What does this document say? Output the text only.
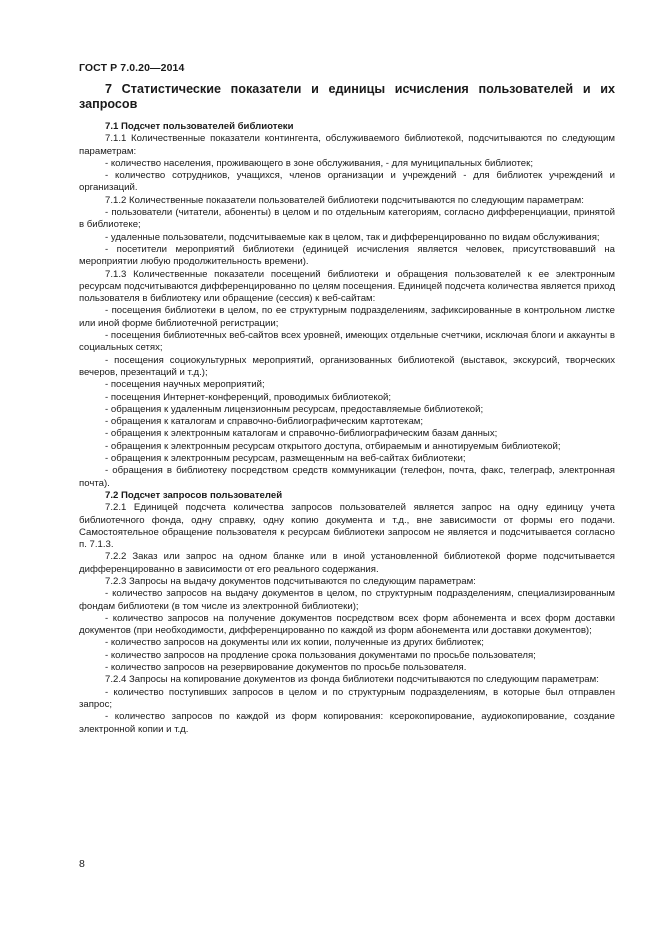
ГОСТ Р 7.0.20—2014

7 Статистические показатели и единицы исчисления пользователей и их запросов

7.1 Подсчет пользователей библиотеки

7.1.1 Количественные показатели контингента, обслуживаемого библиотекой, подсчитываются по следующим параметрам:

- количество населения, проживающего в зоне обслуживания, - для муниципальных библиотек;

- количество сотрудников, учащихся, членов организации и учреждений - для библиотек учреждений и организаций.

7.1.2 Количественные показатели пользователей библиотеки подсчитываются по следующим параметрам:

- пользователи (читатели, абоненты) в целом и по отдельным категориям, согласно дифференциации, принятой в библиотеке;

- удаленные пользователи, подсчитываемые как в целом, так и дифференцированно по видам обслуживания;

- посетители мероприятий библиотеки (единицей исчисления является человек, присутствовавший на мероприятии любую продолжительность времени).

7.1.3 Количественные показатели посещений библиотеки и обращения пользователей к ее электронным ресурсам подсчитываются дифференцированно по целям посещения. Единицей подсчета количества является приход пользователя в библиотеку или обращение (сессия) к веб-сайтам:

- посещения библиотеки в целом, по ее структурным подразделениям, зафиксированные в контрольном листке или иной форме библиотечной регистрации;

- посещения библиотечных веб-сайтов всех уровней, имеющих отдельные счетчики, исключая блоги и аккаунты в социальных сетях;

- посещения социокультурных мероприятий, организованных библиотекой (выставок, экскурсий, творческих вечеров, презентаций и т.д.);

- посещения научных мероприятий;

- посещения Интернет-конференций, проводимых библиотекой;

- обращения к удаленным лицензионным ресурсам, предоставляемые библиотекой;

- обращения к каталогам и справочно-библиографическим картотекам;

- обращения к электронным каталогам и справочно-библиографическим базам данных;

- обращения к электронным ресурсам открытого доступа, отбираемым и аннотируемым библиотекой;

- обращения к электронным ресурсам, размещенным на веб-сайтах библиотеки;

- обращения в библиотеку посредством средств коммуникации (телефон, почта, факс, телеграф, электронная почта).

7.2 Подсчет запросов пользователей

7.2.1 Единицей подсчета количества запросов пользователей является запрос на одну единицу учета библиотечного фонда, одну справку, одну копию документа и т.д., вне зависимости от формы его подачи. Самостоятельное обращение пользователя к ресурсам библиотеки запросом не является и подсчитывается согласно п. 7.1.3.

7.2.2 Заказ или запрос на одном бланке или в иной установленной библиотекой форме подсчитывается дифференцированно в зависимости от его реального содержания.

7.2.3 Запросы на выдачу документов подсчитываются по следующим параметрам:

- количество запросов на выдачу документов в целом, по структурным подразделениям, специализированным фондам библиотеки (в том числе из электронной библиотеки);

- количество запросов на получение документов посредством всех форм абонемента и всех форм доставки документов (при необходимости, дифференцированно по каждой из форм абонемента или доставки документов);

- количество запросов на документы или их копии, полученные из других библиотек;

- количество запросов на продление срока пользования документами по просьбе пользователя;

- количество запросов на резервирование документов по просьбе пользователя.

7.2.4 Запросы на копирование документов из фонда библиотеки подсчитываются по следующим параметрам:

- количество поступивших запросов в целом и по структурным подразделениям, в которые был отправлен запрос;

- количество запросов по каждой из форм копирования: ксерокопирование, аудиокопирование, создание электронной копии и т.д.

8
